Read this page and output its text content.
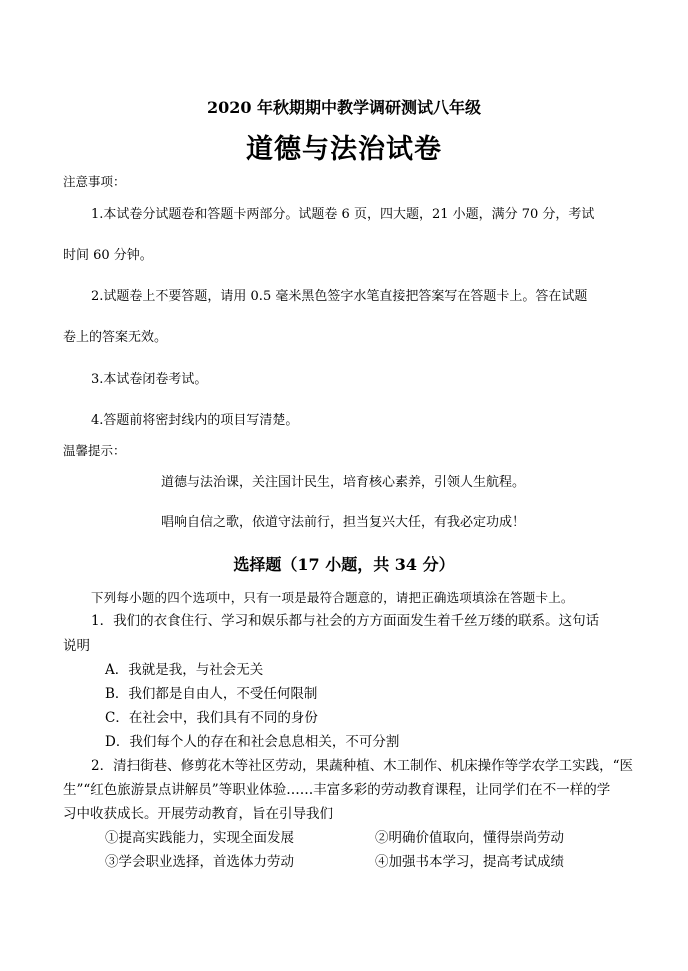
2020 年秋期期中教学调研测试八年级
道德与法治试卷
注意事项：
1.本试卷分试题卷和答题卡两部分。试题卷 6 页，四大题，21 小题，满分 70 分，考试
时间 60 分钟。
2.试题卷上不要答题，请用 0.5 毫米黑色签字水笔直接把答案写在答题卡上。答在试题
卷上的答案无效。
3.本试卷闭卷考试。
4.答题前将密封线内的项目写清楚。
温馨提示：
道德与法治课，关注国计民生，培育核心素养，引领人生航程。
唱响自信之歌，依道守法前行，担当复兴大任，有我必定功成！
选择题（17 小题，共 34 分）
下列每小题的四个选项中，只有一项是最符合题意的，请把正确选项填涂在答题卡上。
1．我们的衣食住行、学习和娱乐都与社会的方方面面发生着千丝万缕的联系。这句话
说明
A．我就是我，与社会无关
B．我们都是自由人，不受任何限制
C．在社会中，我们具有不同的身份
D．我们每个人的存在和社会息息相关，不可分割
2．清扫街巷、修剪花木等社区劳动，果蔬种植、木工制作、机床操作等学农学工实践，“医
生”“红色旅游景点讲解员”等职业体验……丰富多彩的劳动教育课程，让同学们在不一样的学
习中收获成长。开展劳动教育，旨在引导我们
①提高实践能力，实现全面发展	②明确价值取向，懂得崇尚劳动
③学会职业选择，首选体力劳动	④加强书本学习，提高考试成绩
